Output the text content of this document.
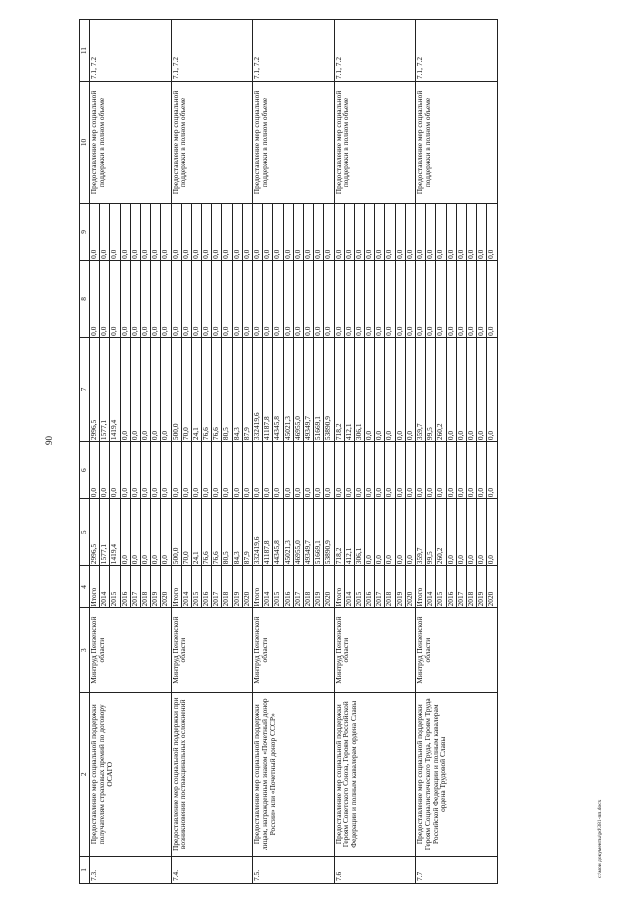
90
c:\мои документы\pd\381-пп.docx
1	2	3	4	5	6	7	8	9	10	11
7.3.	Предоставление мер социальной поддержки получателям страховых премий по договору ОСАГО	Минтруд Пензенской области	Итого	2996,5	0,0	2996,5	0,0	0,0	Предоставление мер социальной поддержки в полном объеме	7.1, 7.2
			2014	1577,1	0,0	1577,1	0,0	0,0		
			2015	1419,4	0,0	1419,4	0,0	0,0		
			2016	0,0	0,0	0,0	0,0	0,0		
			2017	0,0	0,0	0,0	0,0	0,0		
			2018	0,0	0,0	0,0	0,0	0,0		
			2019	0,0	0,0	0,0	0,0	0,0		
			2020	0,0	0,0	0,0	0,0	0,0		
7.4.	Предоставление мер социальной поддержки при возникновении поствакцинальных осложнений	Минтруд Пензенской области	Итого	500,0	0,0	500,0	0,0	0,0	Предоставление мер социальной поддержки в полном объеме	7.1, 7.2
			2014	70,0	0,0	70,0	0,0	0,0		
			2015	24,1	0,0	24,1	0,0	0,0		
			2016	76,6	0,0	76,6	0,0	0,0		
			2017	76,6	0,0	76,6	0,0	0,0		
			2018	80,5	0,0	80,5	0,0	0,0		
			2019	84,3	0,0	84,3	0,0	0,0		
			2020	87,9	0,0	87,9	0,0	0,0		
7.5.	Предоставление мер социальной поддержки лицам, награжденным знаком «Почетный донор России» или «Почетный донор СССР»	Минтруд Пензенской области	Итого	332419,6	0,0	332419,6	0,0	0,0	Предоставление мер социальной поддержки в полном объеме	7.1, 7.2
			2014	41187,8	0,0	41187,8	0,0	0,0		
			2015	44345,8	0,0	44345,8	0,0	0,0		
			2016	45021,3	0,0	45021,3	0,0	0,0		
			2017	46955,0	0,0	46955,0	0,0	0,0		
			2018	49349,7	0,0	49349,7	0,0	0,0		
			2019	51669,1	0,0	51669,1	0,0	0,0		
			2020	53890,9	0,0	53890,9	0,0	0,0		
7.6	Предоставление мер социальной поддержки Героям Советского Союза, Героям Российской Федерации и полным кавалерам ордена Славы	Минтруд Пензенской области	Итого	718,2	0,0	718,2	0,0	0,0	Предоставление мер социальной поддержки в полном объеме	7.1, 7.2
			2014	412,1	0,0	412,1	0,0	0,0		
			2015	306,1	0,0	306,1	0,0	0,0		
			2016	0,0	0,0	0,0	0,0	0,0		
			2017	0,0	0,0	0,0	0,0	0,0		
			2018	0,0	0,0	0,0	0,0	0,0		
			2019	0,0	0,0	0,0	0,0	0,0		
			2020	0,0	0,0	0,0	0,0	0,0		
7.7	Предоставление мер социальной поддержки Героям Социалистического Труда, Героям Труда Российской Федерации и полным кавалерам ордена Трудовой Славы	Минтруд Пензенской области	Итого	359,7	0,0	359,7	0,0	0,0	Предоставление мер социальной поддержки в полном объеме	7.1, 7.2
			2014	99,5	0,0	99,5	0,0	0,0		
			2015	260,2	0,0	260,2	0,0	0,0		
			2016	0,0	0,0	0,0	0,0	0,0		
			2017	0,0	0,0	0,0	0,0	0,0		
			2018	0,0	0,0	0,0	0,0	0,0		
			2019	0,0	0,0	0,0	0,0	0,0		
			2020	0,0	0,0	0,0	0,0	0,0		
